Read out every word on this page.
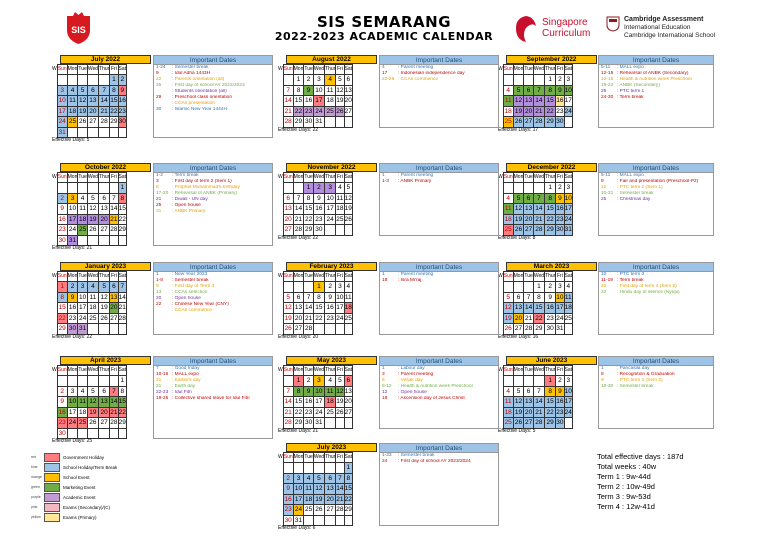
SIS	SIS SEMARANG
2022-2023 ACADEMIC CALENDAR
Singapore
Curriculum
Cambridge Assessment
International Education
Cambridge International School
July 2022
W	Sun	Mon	Tue	Wed	Thur	Fri	Sat
						1	2
	3	4	5	6	7	8	9
	10	11	12	13	14	15	16
	17	18	19	20	21	22	23
	24	25	26	27	28	29	30
	31						
Effective Days: 5
August 2022
W	Sun	Mon	Tue	Wed	Thur	Fri	Sat
		1	2	3	4	5	6
	7	8	9	10	11	12	13
	14	15	16	17	18	19	20
	21	22	23	24	25	26	27
	28	29	30	31			
Effective Days: 22
September 2022
W	Sun	Mon	Tue	Wed	Thur	Fri	Sat
					1	2	3
	4	5	6	7	8	9	10
	11	12	13	14	15	16	17
	18	19	20	21	22	23	24
	25	26	27	28	29	30	
Effective Days: 17
October 2022
W	Sun	Mon	Tue	Wed	Thur	Fri	Sat
							1
	2	3	4	5	6	7	8
	9	10	11	12	13	14	15
	16	17	18	19	20	21	22
	23	24	25	26	27	28	29
	30	31					
Effective Days: 21
November 2022
W	Sun	Mon	Tue	Wed	Thur	Fri	Sat
			1	2	3	4	5
	6	7	8	9	10	11	12
	13	14	15	16	17	18	19
	20	21	22	23	24	25	26
	27	28	29	30			
Effective Days: 22
December 2022
W	Sun	Mon	Tue	Wed	Thur	Fri	Sat
					1	2	3
	4	5	6	7	8	9	10
	11	12	13	14	15	16	17
	18	19	20	21	22	23	24
	25	26	27	28	29	30	31
Effective Days: 8
January 2023
W	Sun	Mon	Tue	Wed	Thur	Fri	Sat
	1	2	3	4	5	6	7
	8	9	10	11	12	13	14
	15	16	17	18	19	20	21
	22	23	24	25	26	27	28
	29	30	31				
Effective Days: 22
February 2023
W	Sun	Mon	Tue	Wed	Thur	Fri	Sat
				1	2	3	4
	5	6	7	8	9	10	11
	12	13	14	15	16	17	18
	19	20	21	22	23	24	25
	26	27	28				
Effective Days: 20
March 2023
W	Sun	Mon	Tue	Wed	Thur	Fri	Sat
				1	2	3	4
	5	6	7	8	9	10	11
	12	13	14	15	16	17	18
	19	20	21	22	23	24	25
	26	27	28	29	30	31	
Effective Days: 16
April 2023
W	Sun	Mon	Tue	Wed	Thur	Fri	Sat
							1
	2	3	4	5	6	7	8
	9	10	11	12	13	14	15
	16	17	18	19	20	21	22
	23	24	25	26	27	28	29
	30						
Effective Days: 25
May 2023
W	Sun	Mon	Tue	Wed	Thur	Fri	Sat
		1	2	3	4	5	6
	7	8	9	10	11	12	13
	14	15	16	17	18	19	20
	21	22	23	24	25	26	27
	28	29	30	31			
Effective Days: 21
June 2023
W	Sun	Mon	Tue	Wed	Thur	Fri	Sat
					1	2	3
	4	5	6	7	8	9	10
	11	12	13	14	15	16	17
	18	19	20	21	22	23	24
	25	26	27	28	29	30	
Effective Days: 5
July 2023
W	Sun	Mon	Tue	Wed	Thur	Fri	Sat
							1
	2	3	4	5	6	7	8
	9	10	11	12	13	14	15
	16	17	18	19	20	21	22
	23	24	25	26	27	28	29
	30	31					
Effective Days: 6
red	Government Holiday
blue	School Holiday/Term Break
orange	School Event
green	Marketing Event
purple	Academic Event
pink	Exams (Secondary)/(C)
yellow	Exams (Primary)
Total effective days : 187d
Total weeks : 40w
Term 1 : 9w-44d
Term 2 : 10w-49d
Term 3 : 9w-53d
Term 4 : 12w-41d
Important Dates
1-24 : Semester break
9	: Idul Adha 1443H
22 : Parents orientation (all)
25 : First day of school AY 2022/2023
: Students orientation (all)
29 : Preschool class orientation
: CCAs presentation
30 : Islamic New Year 1444H
Important Dates
4	: Parent meeting
17 : Indonesian independence day
22-26 : CCAs commence
Important Dates
5-11 : MALL expo
12-15 : Rehearsal of ANBK (Secondary)
12-16 : Health & nutrition week Preschool
19-22 : ANBK (Secondary)
25 : PTC term 1
24-30 : Term break
Important Dates
1-2 : Term break
3	: First day of term 2 (Sem 1)
8	: Prophet Muhammad's birthday
17-20 : Rehearsal of ANBK (Primary)
21 : Diwali - UN day
25 : Open house
31 : ANBK Primary
Important Dates
1	: Parent meeting
1-3 : ANBK Primary
Important Dates
5-11 : MALL expo
9	: Fair and presentation (Preschool-P2)
10 : PTC term 2 (Sem 1)
10-31 : Semester break
25 : Christmas day
Important Dates
1	: New Year 2023
1-8 : Semester break
9	: First day of Term 3
13 : CCAs selection
20 : Open house
22 : Chinese New Year (CNY)
: CCAs commence
Important Dates
1	: Parent meeting
18 : Isra Mi'raj
Important Dates
10 : PTC term 3
11-19 : Term break
20 : First day of term 4 (Sem 2)
22 : Hindu day of silence (Nyepi)
Important Dates
7	: Good friday
10-16 : MALL expo
21 : Kartini's day
21 : Earth day
22-23 : Idul Fitri
19-25 : Collective shared leave for Idul Fitri
Important Dates
1	: Labour day
3	: Parent meeting
6	: Vesak day
8-12 : Health & nutrition week Preschool
12 : Open house
18 : Ascension day of Jesus Christ
Important Dates
1	: Pancasila day
8	: Recognition & Graduation
9	: PTC term 4 (Sem 2)
10-30 : Semester break
Important Dates
1-23 : Semester break
24 : First day of school AY 2023/2024
